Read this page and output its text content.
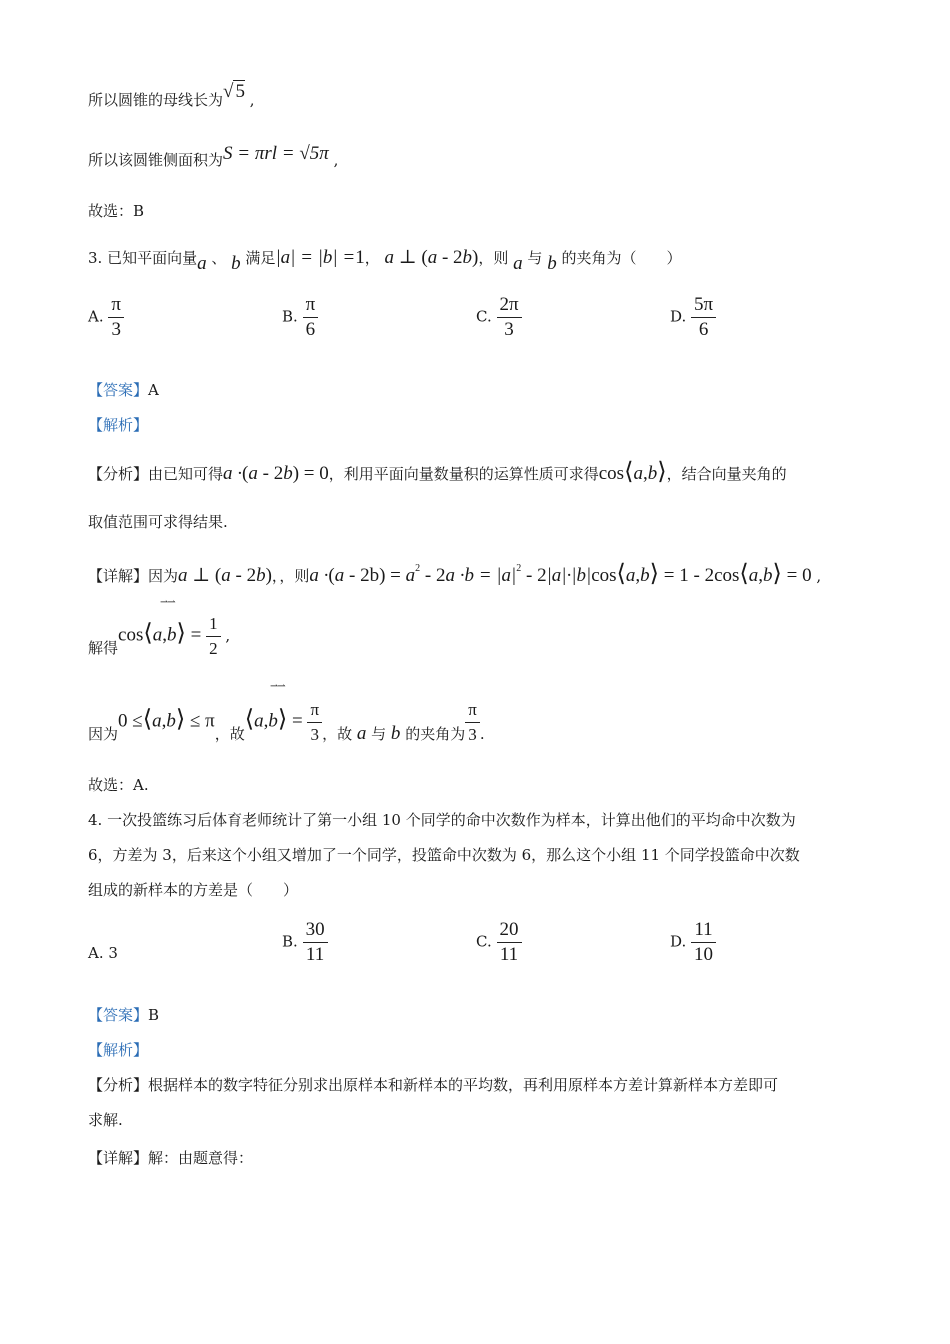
所以圆锥的母线长为√ 5 ,
所以该圆锥侧面积为S = πrl = √5π ,
故选：B
3. 已知平面向量a 、 b 满足|a| = |b| =1， a ⊥ (a - 2b)，则 a 与 b 的夹角为（　　）
A. $\frac{\pi}{3}$	B. $\frac{\pi}{6}$	C. $\frac{2\pi}{3}$	D. $\frac{5\pi}{6}$
【答案】A
【解析】
【分析】由已知可得a ·(a - 2b) = 0，利用平面向量数量积的运算性质可求得cos⟨a,b⟩，结合向量夹角的
取值范围可求得结果.
【详解】因为a ⊥ (a - 2b)，，则$a \cdot(a - 2b) = a^2 - 2a \cdot b = |a|^2$ - 2|a|·|b|cos⟨a,b⟩ = 1 - 2cos⟨a,b⟩ = 0 ,
⇀⇀
解得cos⟨a,b⟩ = $\frac{1}{2}$ ,
⇀⇀
因为0 ≤⟨a,b⟩ ≤ π，故⟨a,b⟩ = $\frac{\pi}{3}$ ，故 a 与 b 的夹角为 $\frac{\pi}{3}$ .
故选：A.
4. 一次投篮练习后体育老师统计了第一小组 10 个同学的命中次数作为样本，计算出他们的平均命中次数为
6，方差为 3，后来这个小组又增加了一个同学，投篮命中次数为 6，那么这个小组 11 个同学投篮命中次数
组成的新样本的方差是（　　）
A. 3
B. $\frac{30}{11}$	C. $\frac{20}{11}$	D. $\frac{11}{10}$
【答案】B
【解析】
【分析】根据样本的数字特征分别求出原样本和新样本的平均数，再利用原样本方差计算新样本方差即可
求解.
【详解】解：由题意得：
